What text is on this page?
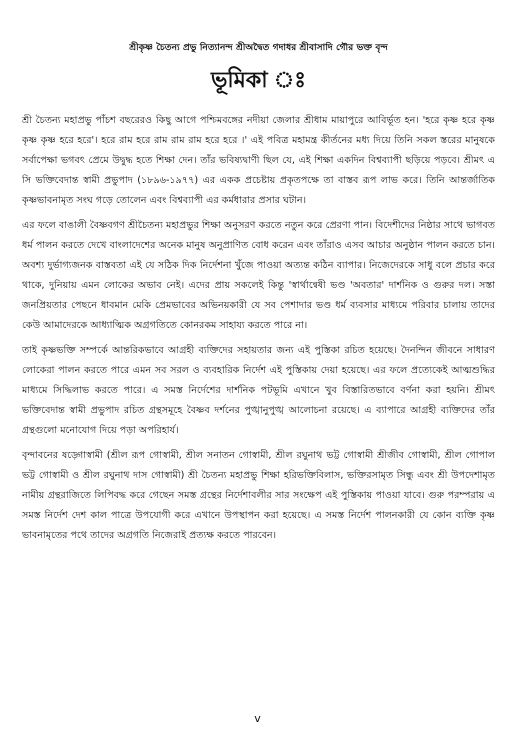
শ্রীকৃষ্ণ চৈতন্য প্রভু নিত্যানন্দ শ্রীঅদ্বৈত গদাধর শ্রীবাসাদি গৌর ভক্ত বৃন্দ
ভূমিকা ঃ

শ্রী চৈতন্য মহাপ্রভু পাঁচশ বছরেরও কিছু আগে পশ্চিমবঙ্গের নদীয়া জেলার শ্রীধাম মায়াপুরে আবির্ভূত হন। 'হরে কৃষ্ণ হরে কৃষ্ণ কৃষ্ণ কৃষ্ণ হরে হরে'। হরে রাম হরে রাম রাম রাম হরে হরে ।' এই পবিত্র মহামন্ত্র কীর্তনের মধ্য দিয়ে তিনি সকল স্তরের মানুষকে সর্বাপেক্ষা ভগবৎ প্রেমে উদ্বুদ্ধ হতে শিক্ষা দেন। তাঁর ভবিষ্যদ্বাণী ছিল যে, এই শিক্ষা একদিন বিশ্বব্যাপী ছড়িয়ে পড়বে। শ্রীমৎ এ সি ভক্তিবেদান্ত স্বামী প্রভুপাদ (১৮৯৬-১৯৭৭) এর একক প্রচেষ্টায় প্রকৃতপক্ষে তা বাস্তব রূপ লাভ করে। তিনি আন্তর্জাতিক কৃষ্ণভাবনামৃত সংঘ গড়ে তোলেন এবং বিশ্বব্যাপী এর কর্মধারার প্রসার ঘটান।

এর ফলে বাঙালী বৈষ্ণবগণ শ্রীচৈতন্য মহাপ্রভুর শিক্ষা অনুসরণ করতে নতুন করে প্রেরণা পান। বিদেশীদের নিষ্ঠার সাথে ভাগবত ধর্ম পালন করতে দেখে বাংলাদেশের অনেক মানুষ অনুপ্রাণিত বোধ করেন এবং তাঁরাও এসব আচার অনুষ্ঠান পালন করতে চান। অবশ্য দুর্ভাগ্যজনক বাস্তবতা এই যে সঠিক দিক নির্দেশনা খুঁজে পাওয়া অত্যন্ত কঠিন ব্যাপার। নিজেদেরকে সাধু বলে প্রচার করে থাকে, দুনিয়ায় এমন লোকের অভাব নেই। এদের প্রায় সকলেই কিন্তু 'স্বার্থান্বেষী ভণ্ড 'অবতার' দার্শনিক ও গুরুর দল। সস্তা জনপ্রিয়তার পেছনে ধাবমান মেকি প্রেমভাবের অভিনয়কারী যে সব পেশাদার ভণ্ড ধর্ম ব্যবসার মাধ্যমে পরিবার চালায় তাদের কেউ আমাদেরকে আধ্যাত্মিক অগ্রগতিতে কোনরকম সাহায্য করতে পারে না।

তাই কৃষ্ণভক্তি সম্পর্কে আন্তরিকভাবে আগ্রহী ব্যক্তিদের সহায়তার জন্য এই পুস্তিকা রচিত হয়েছে। দৈনন্দিন জীবনে সাধারণ লোকেরা পালন করতে পারে এমন সব সরল ও ব্যবহারিক নির্দেশ এই পুস্তিকায় দেয়া হয়েছে। এর ফলে প্রত্যেকেই আত্মশুদ্ধির মাধ্যমে সিদ্ধিলাভ করতে পারে। এ সমস্ত নির্দেশের দার্শনিক পটভূমি এখানে খুব বিস্তারিতভাবে বর্ণনা করা হয়নি। শ্রীমৎ ভক্তিবেদান্ত স্বামী প্রভুপাদ রচিত গ্রন্থসমূহে বৈষ্ণব দর্শনের পুঙ্খানুপুঙ্খ আলোচনা রয়েছে। এ ব্যাপারে আগ্রহী ব্যক্তিদের তাঁর গ্রন্থগুলো মনোযোগ দিয়ে পড়া অপরিহার্য।

বৃন্দাবনের ষড়্গোস্বামী (শ্রীল রূপ গোস্বামী, শ্রীল সনাতন গোস্বামী, শ্রীল রঘুনাথ ভট্ট গোস্বামী শ্রীজীব গোস্বামী, শ্রীল গোপাল ভট্ট গোস্বামী ও শ্রীল রঘুনাথ দাস গোস্বামী) শ্রী চৈতন্য মহাপ্রভু শিক্ষা হরিভক্তিবিলাস, ভক্তিরসামৃত সিন্ধু এবং শ্রী উপদেশামৃত নামীয় গ্রন্থরাজিতে লিপিবদ্ধ করে গেছেন সমস্ত গ্রন্থের নির্দেশাবলীর সার সংক্ষেপ এই পুস্তিকায় পাওয়া যাবে। গুরু পরম্পরায় এ সমস্ত নির্দেশ দেশ কাল পাত্রে উপযোগী করে এখানে উপস্থাপন করা হয়েছে। এ সমস্ত নির্দেশ পালনকারী যে কোন ব্যক্তি কৃষ্ণ ভাবনামৃতের পথে তাদের অগ্রগতি নিজেরাই প্রত্যক্ষ করতে পারবেন।

v
